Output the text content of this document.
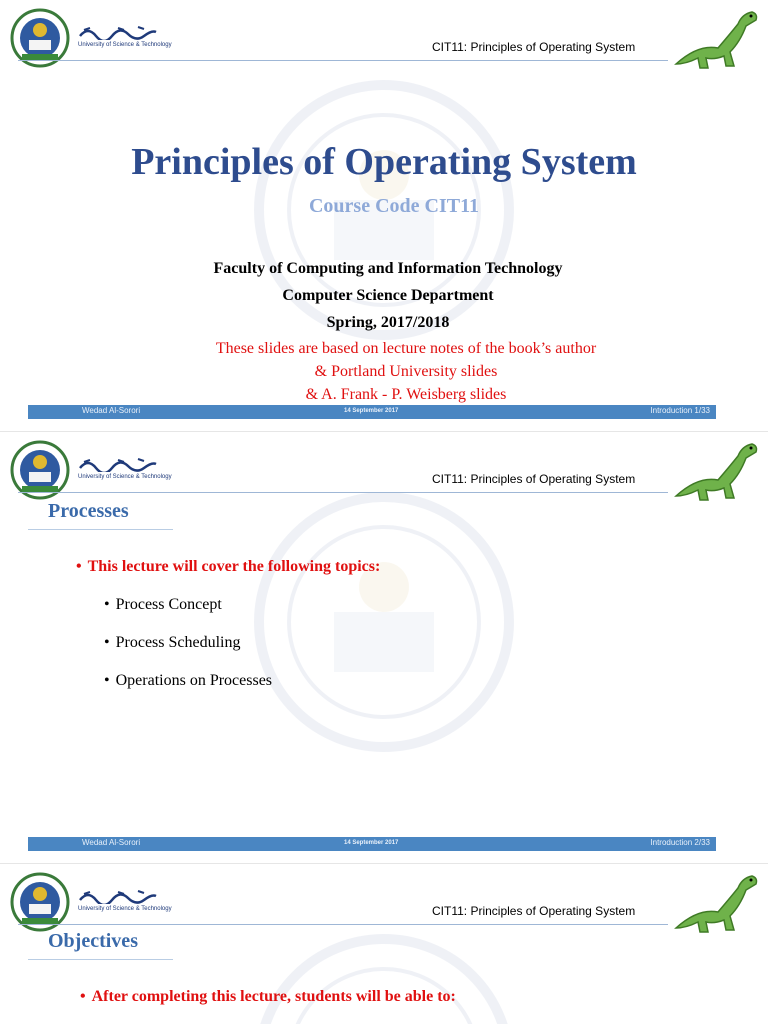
University of Science & Technology	CIT11: Principles of Operating System
Principles of Operating System
Course Code CIT11
Faculty of Computing and Information Technology
Computer Science Department
Spring, 2017/2018
These slides are based on lecture notes of the book’s author
& Portland University slides
& A. Frank - P. Weisberg slides
Wedad Al-Sorori	14 September 2017	Introduction 1/33
University of Science & Technology	CIT11: Principles of Operating System
Processes
• This lecture will cover the following topics:
• Process Concept
• Process Scheduling
• Operations on Processes
Wedad Al-Sorori	14 September 2017	Introduction 2/33
University of Science & Technology	CIT11: Principles of Operating System
Objectives
• After completing this lecture, students will be able to:
